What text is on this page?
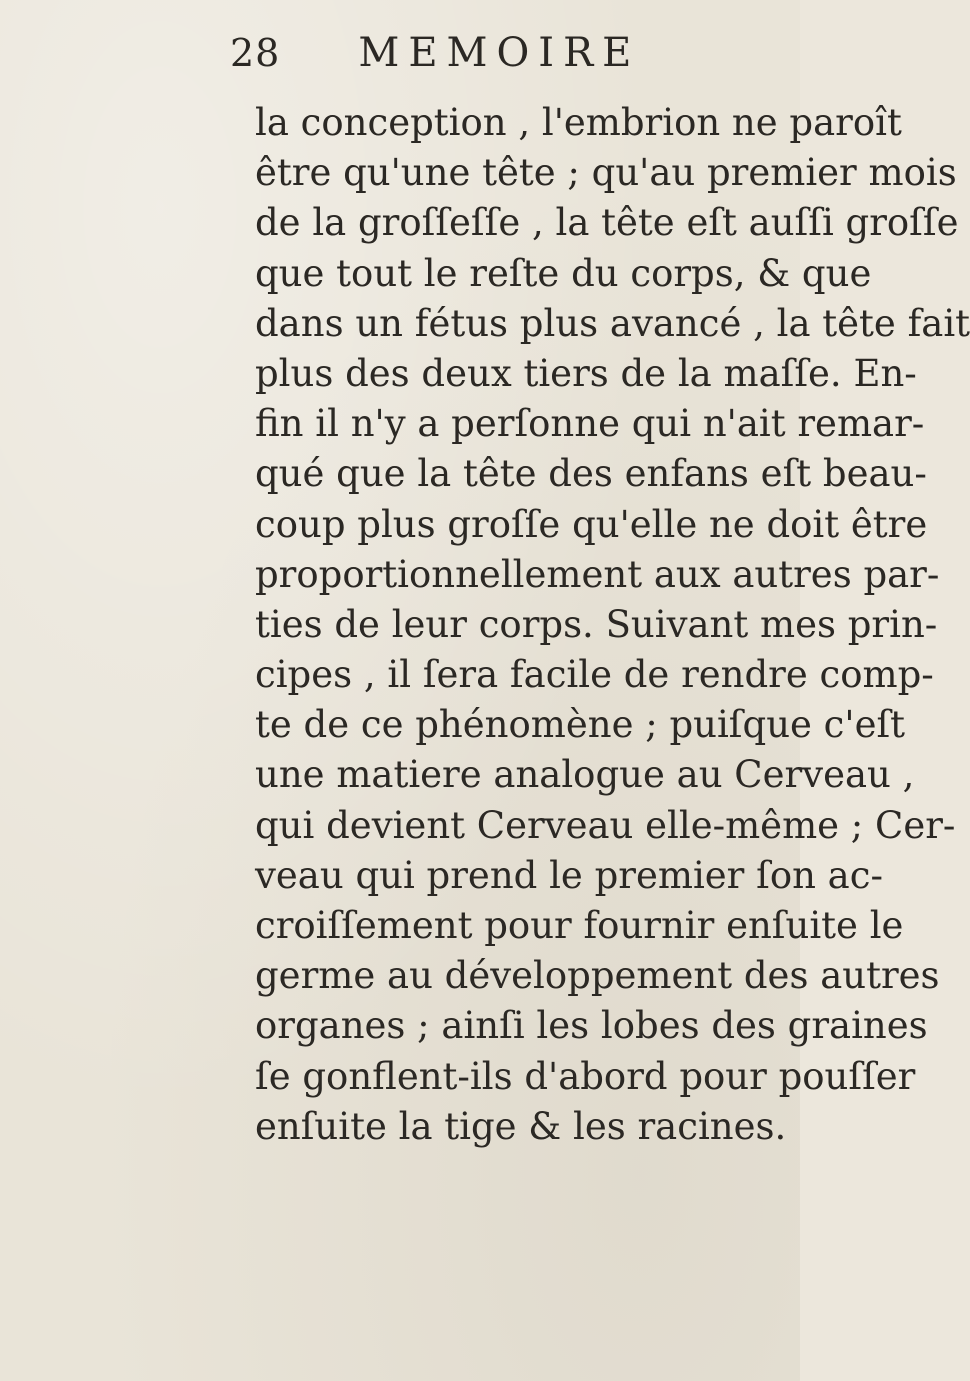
28 MEMOIRE
la conception , l'embrion ne paroît
être qu'une tête ; qu'au premier mois
de la groſſeſſe , la tête eſt auſſi groſſe
que tout le reſte du corps, & que
dans un fétus plus avancé , la tête fait
plus des deux tiers de la maſſe. En-
fin il n'y a perſonne qui n'ait remar-
qué que la tête des enfans eſt beau-
coup plus groſſe qu'elle ne doit être
proportionnellement aux autres par-
ties de leur corps. Suivant mes prin-
cipes , il ſera facile de rendre comp-
te de ce phénomène ; puiſque c'eſt
une matiere analogue au Cerveau ,
qui devient Cerveau elle-même ; Cer-
veau qui prend le premier ſon ac-
croiſſement pour fournir enſuite le
germe au développement des autres
organes ; ainſi les lobes des graines
ſe gonflent-ils d'abord pour pouſſer
enſuite la tige & les racines.
